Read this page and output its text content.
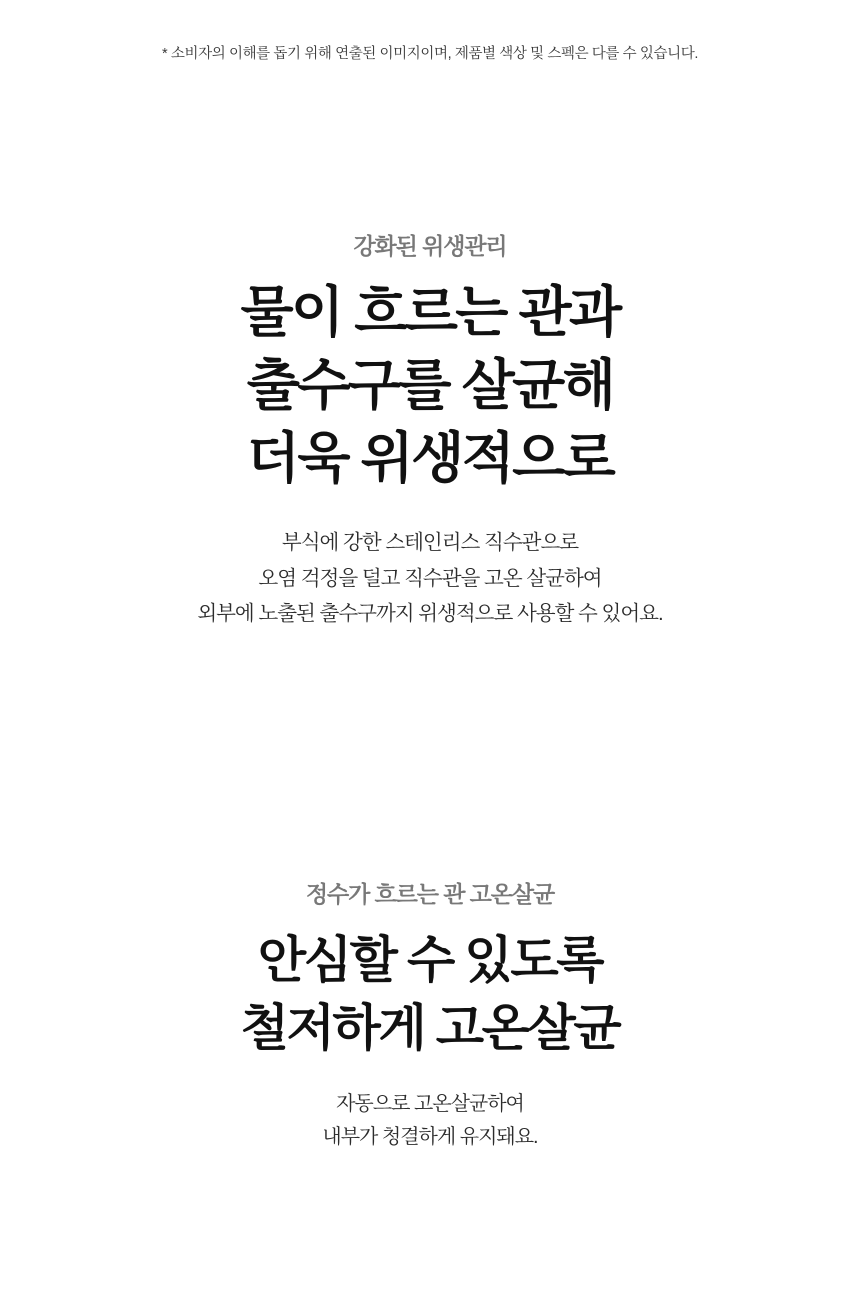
* 소비자의 이해를 돕기 위해 연출된 이미지이며, 제품별 색상 및 스펙은 다를 수 있습니다.

강화된 위생관리

물이 흐르는 관과
출수구를 살균해
더욱 위생적으로
부식에 강한 스테인리스 직수관으로
오염 걱정을 덜고 직수관을 고온 살균하여
외부에 노출된 출수구까지 위생적으로 사용할 수 있어요.

정수가 흐르는 관 고온살균

안심할 수 있도록
철저하게 고온살균
자동으로 고온살균하여
내부가 청결하게 유지돼요.
